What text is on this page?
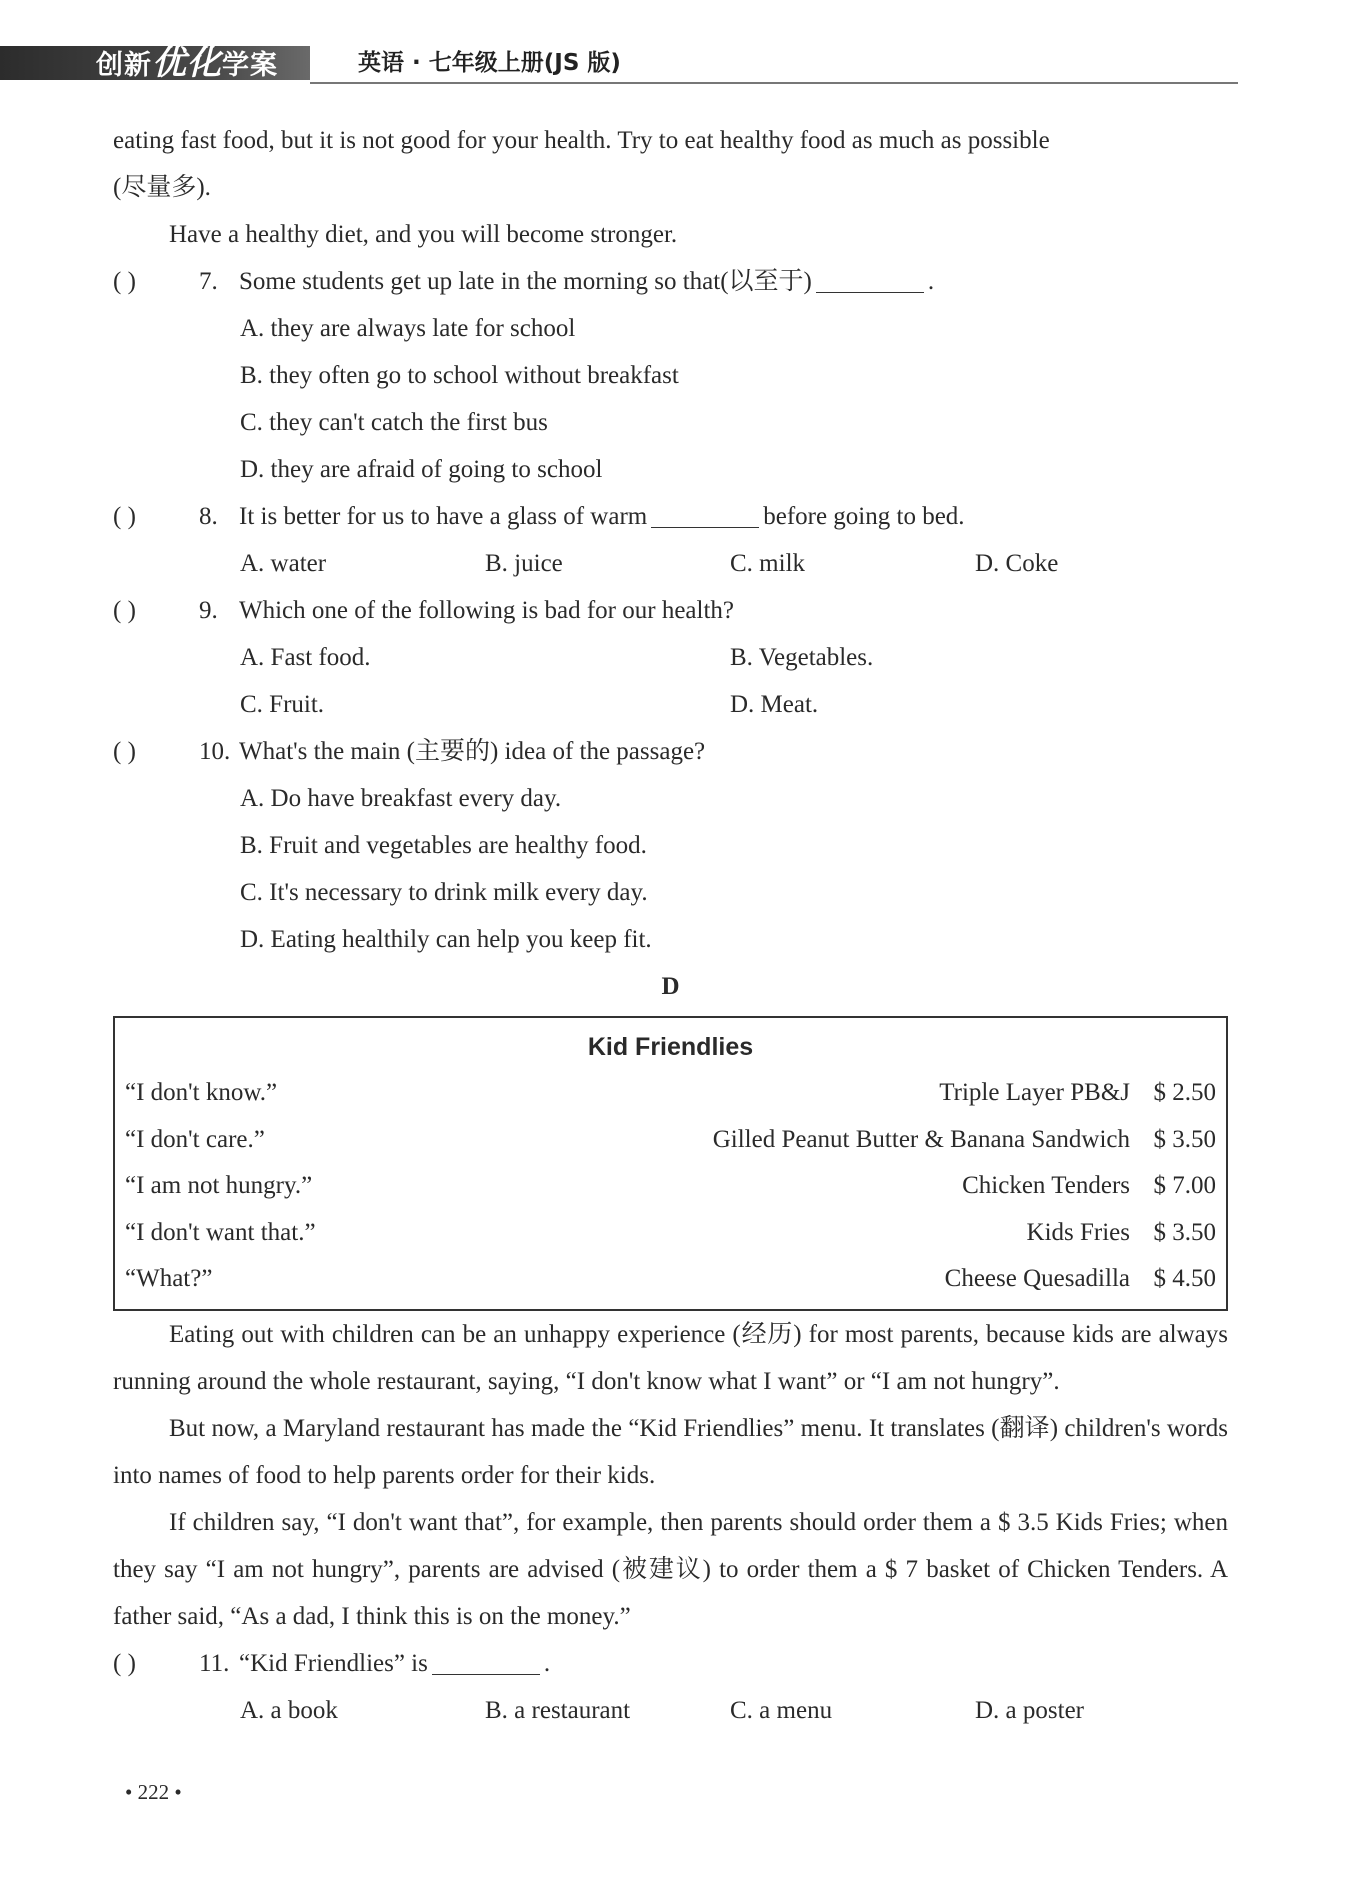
创新优化学案	英语 · 七年级上册(JS 版)
eating fast food, but it is not good for your health. Try to eat healthy food as much as possible
(尽量多).
Have a healthy diet, and you will become stronger.
( )	7. Some students get up late in the morning so that(以至于)	.
A. they are always late for school
B. they often go to school without breakfast
C. they can't catch the first bus
D. they are afraid of going to school
( )	8. It is better for us to have a glass of warm	before going to bed.
A. water	B. juice	C. milk	D. Coke
( )	9. Which one of the following is bad for our health?
A. Fast food.	B. Vegetables.
C. Fruit.	D. Meat.
( )	10. What's the main (主要的) idea of the passage?
A. Do have breakfast every day.
B. Fruit and vegetables are healthy food.
C. It's necessary to drink milk every day.
D. Eating healthily can help you keep fit.
D
Kid Friendlies
“I don't know.”	Triple Layer PB&J $ 2.50
“I don't care.”	Gilled Peanut Butter & Banana Sandwich $ 3.50
“I am not hungry.”	Chicken Tenders $ 7.00
“I don't want that.”	Kids Fries $ 3.50
“What?”	Cheese Quesadilla $ 4.50
Eating out with children can be an unhappy experience (经历) for most parents, because kids are always running around the whole restaurant, saying, “I don't know what I want” or “I am not hungry”.
But now, a Maryland restaurant has made the “Kid Friendlies” menu. It translates (翻译) children's words into names of food to help parents order for their kids.
If children say, “I don't want that”, for example, then parents should order them a $ 3.5 Kids Fries; when they say “I am not hungry”, parents are advised (被建议) to order them a $ 7 basket of Chicken Tenders. A father said, “As a dad, I think this is on the money.”
( )	11. “Kid Friendlies” is	.
A. a book	B. a restaurant	C. a menu	D. a poster
• 222 •
